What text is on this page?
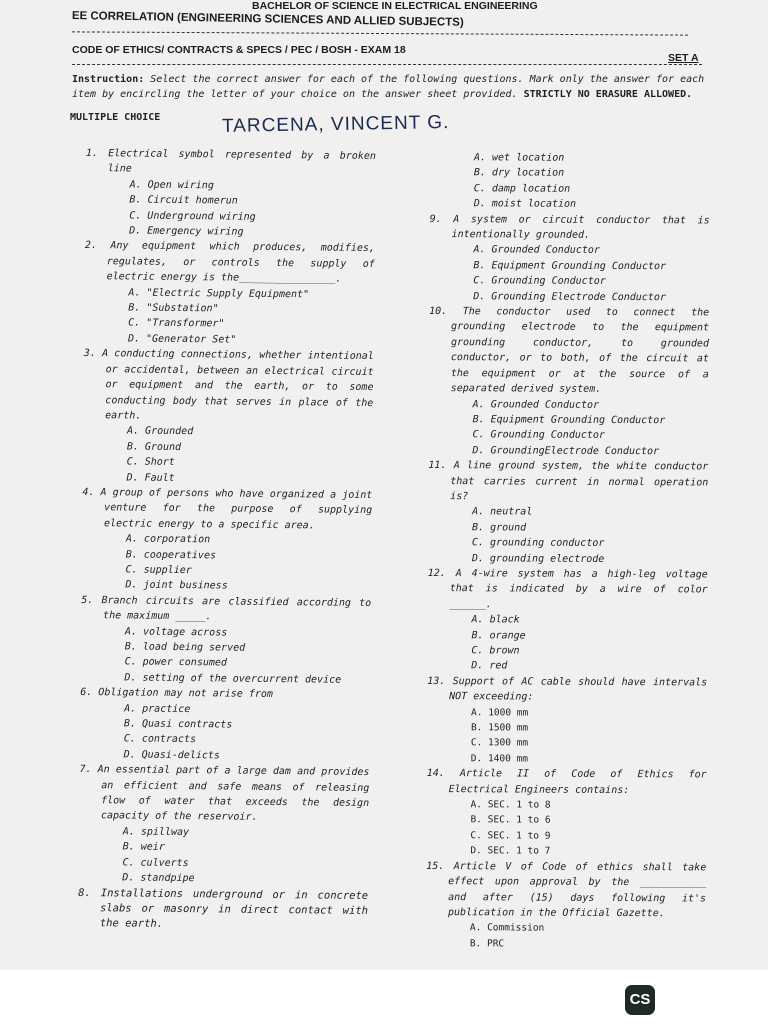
BACHELOR OF SCIENCE IN ELECTRICAL ENGINEERING
EE CORRELATION (ENGINEERING SCIENCES AND ALLIED SUBJECTS)
CODE OF ETHICS/ CONTRACTS & SPECS / PEC / BOSH - EXAM 18
SET A
Instruction: Select the correct answer for each of the following questions. Mark only the answer for each item by encircling the letter of your choice on the answer sheet provided. STRICTLY NO ERASURE ALLOWED.
MULTIPLE CHOICE	TARCENA, VINCENT G.
1. Electrical symbol represented by a broken line
A. Open wiring
B. Circuit homerun
C. Underground wiring
D. Emergency wiring
2. Any equipment which produces, modifies, regulates, or controls the supply of electric energy is the________________.
A. "Electric Supply Equipment"
B. "Substation"
C. "Transformer"
D. "Generator Set"
3. A conducting connections, whether intentional or accidental, between an electrical circuit or equipment and the earth, or to some conducting body that serves in place of the earth.
A. Grounded
B. Ground
C. Short
D. Fault
4. A group of persons who have organized a joint venture for the purpose of supplying electric energy to a specific area.
A. corporation
B. cooperatives
C. supplier
D. joint business
5. Branch circuits are classified according to the maximum _____.
A. voltage across
B. load being served
C. power consumed
D. setting of the overcurrent device
6. Obligation may not arise from
A. practice
B. Quasi contracts
C. contracts
D. Quasi-delicts
7. An essential part of a large dam and provides an efficient and safe means of releasing flow of water that exceeds the design capacity of the reservoir.
A. spillway
B. weir
C. culverts
D. standpipe
8. Installations underground or in concrete slabs or masonry in direct contact with the earth.
A. wet location
B. dry location
C. damp location
D. moist location
9. A system or circuit conductor that is intentionally grounded.
A. Grounded Conductor
B. Equipment Grounding Conductor
C. Grounding Conductor
D. Grounding Electrode Conductor
10. The conductor used to connect the grounding electrode to the equipment grounding conductor, to grounded conductor, or to both, of the circuit at the equipment or at the source of a separated derived system.
A. Grounded Conductor
B. Equipment Grounding Conductor
C. Grounding Conductor
D. GroundingElectrode Conductor
11. A line ground system, the white conductor that carries current in normal operation is?
A. neutral
B. ground
C. grounding conductor
D. grounding electrode
12. A 4-wire system has a high-leg voltage that is indicated by a wire of color ______.
A. black
B. orange
C. brown
D. red
13. Support of AC cable should have intervals NOT exceeding:
A. 1000 mm
B. 1500 mm
C. 1300 mm
D. 1400 mm
14. Article II of Code of Ethics for Electrical Engineers contains:
A. SEC. 1 to 8
B. SEC. 1 to 6
C. SEC. 1 to 9
D. SEC. 1 to 7
15. Article V of Code of ethics shall take effect upon approval by the ___________ and after (15) days following it's publication in the Official Gazette.
A. Commission
B. PRC
CS
